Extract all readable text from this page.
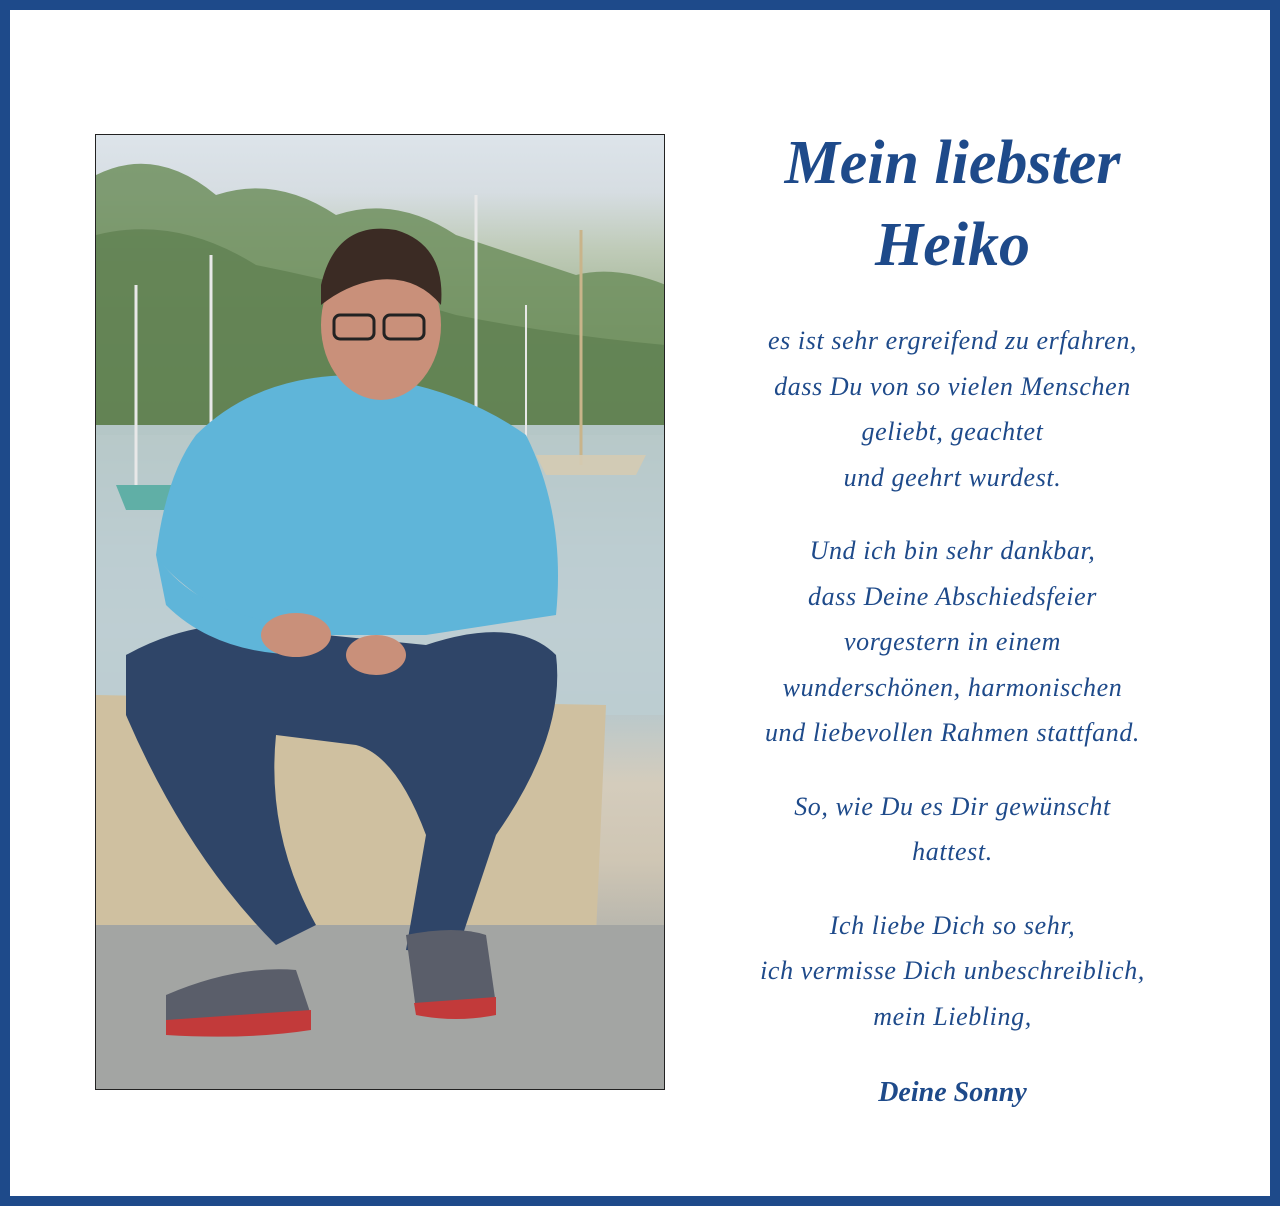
Mein liebster
Heiko
es ist sehr ergreifend zu erfahren,
dass Du von so vielen Menschen
geliebt, geachtet
und geehrt wurdest.
Und ich bin sehr dankbar,
dass Deine Abschiedsfeier
vorgestern in einem
wunderschönen, harmonischen
und liebevollen Rahmen stattfand.
So, wie Du es Dir gewünscht
hattest.
Ich liebe Dich so sehr,
ich vermisse Dich unbeschreiblich,
mein Liebling,
Deine Sonny
